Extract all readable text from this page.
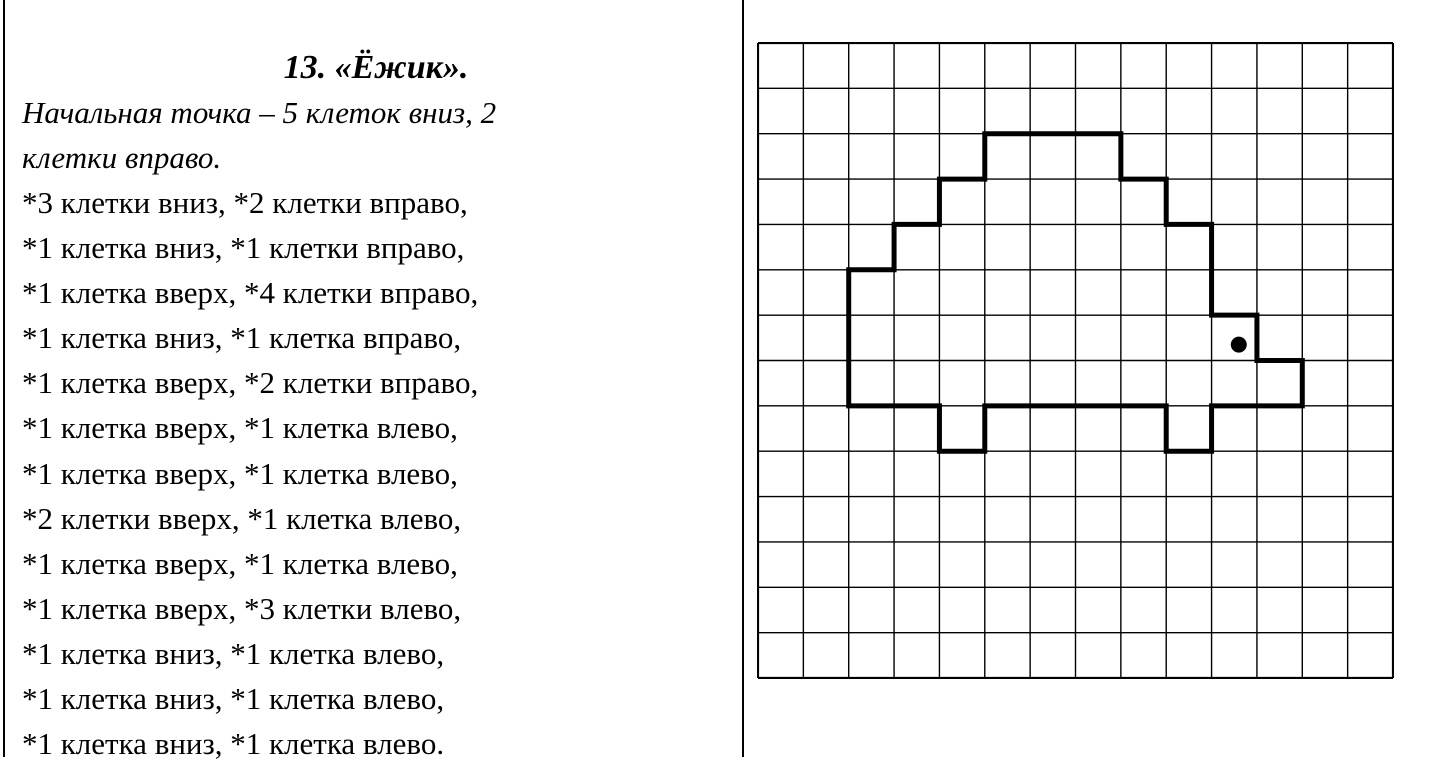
13. «Ёжик».

Начальная точка – 5 клеток вниз, 2

клетки вправо.

*3 клетки вниз, *2 клетки вправо,
*1 клетка вниз, *1 клетки вправо,
*1 клетка вверх, *4 клетки вправо,
*1 клетка вниз, *1 клетка вправо,
*1 клетка вверх, *2 клетки вправо,
*1 клетка вверх, *1 клетка влево,
*1 клетка вверх, *1 клетка влево,
*2 клетки вверх, *1 клетка влево,
*1 клетка вверх, *1 клетка влево,
*1 клетка вверх, *3 клетки влево,
*1 клетка вниз, *1 клетка влево,
*1 клетка вниз, *1 клетка влево,
*1 клетка вниз, *1 клетка влево.
